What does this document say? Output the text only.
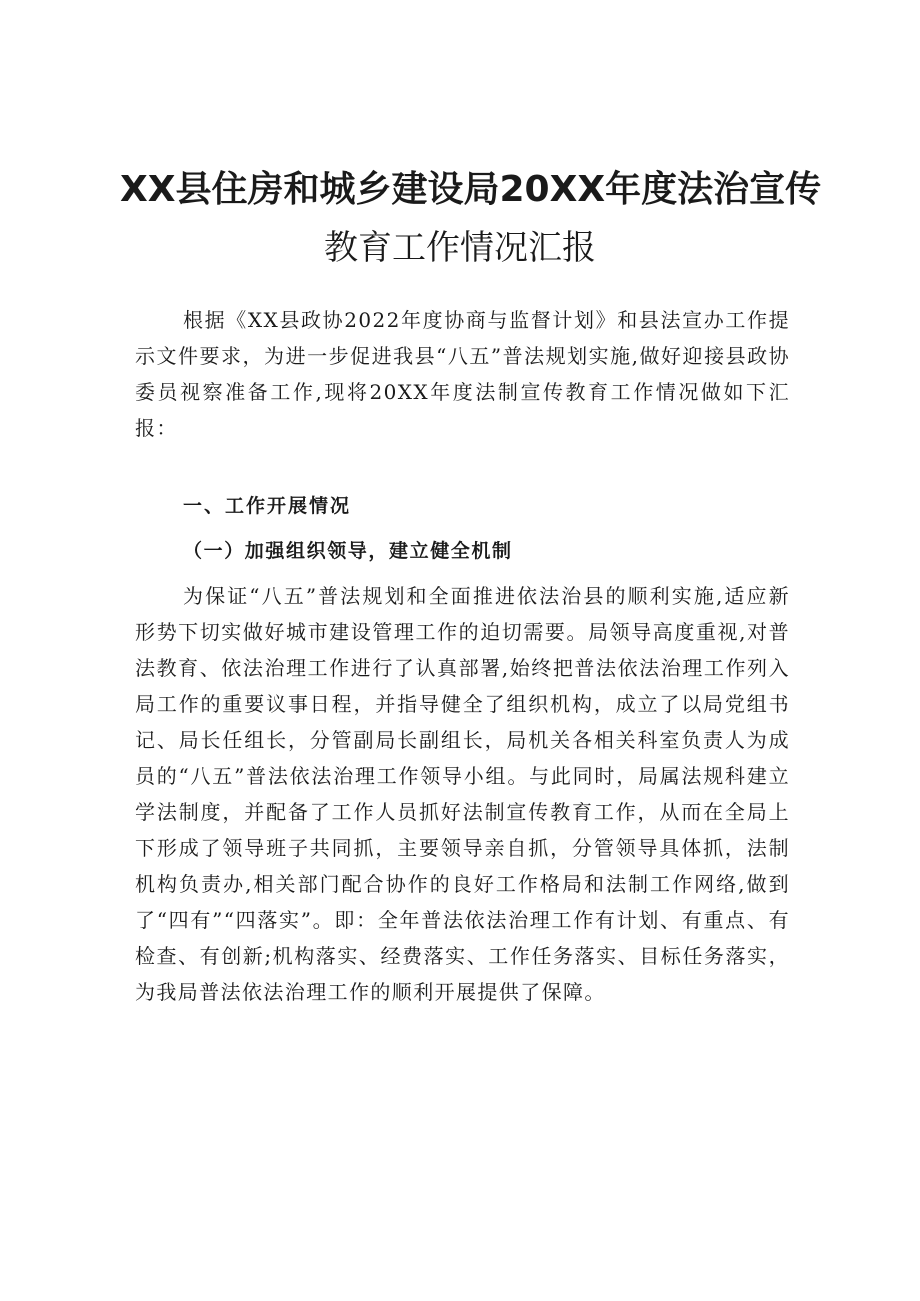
XX县住房和城乡建设局20XX年度法治宣传
教育工作情况汇报

根据《XX县政协2022年度协商与监督计划》和县法宣办工作提示文件要求，为进一步促进我县“八五”普法规划实施,做好迎接县政协委员视察准备工作,现将20XX年度法制宣传教育工作情况做如下汇报：

一、工作开展情况
（一）加强组织领导，建立健全机制

为保证“八五”普法规划和全面推进依法治县的顺利实施,适应新形势下切实做好城市建设管理工作的迫切需要。局领导高度重视,对普法教育、依法治理工作进行了认真部署,始终把普法依法治理工作列入局工作的重要议事日程，并指导健全了组织机构，成立了以局党组书记、局长任组长，分管副局长副组长，局机关各相关科室负责人为成员的“八五”普法依法治理工作领导小组。与此同时，局属法规科建立学法制度，并配备了工作人员抓好法制宣传教育工作，从而在全局上下形成了领导班子共同抓，主要领导亲自抓，分管领导具体抓，法制机构负责办,相关部门配合协作的良好工作格局和法制工作网络,做到了“四有”“四落实”。即：全年普法依法治理工作有计划、有重点、有检查、有创新;机构落实、经费落实、工作任务落实、目标任务落实，为我局普法依法治理工作的顺利开展提供了保障。
